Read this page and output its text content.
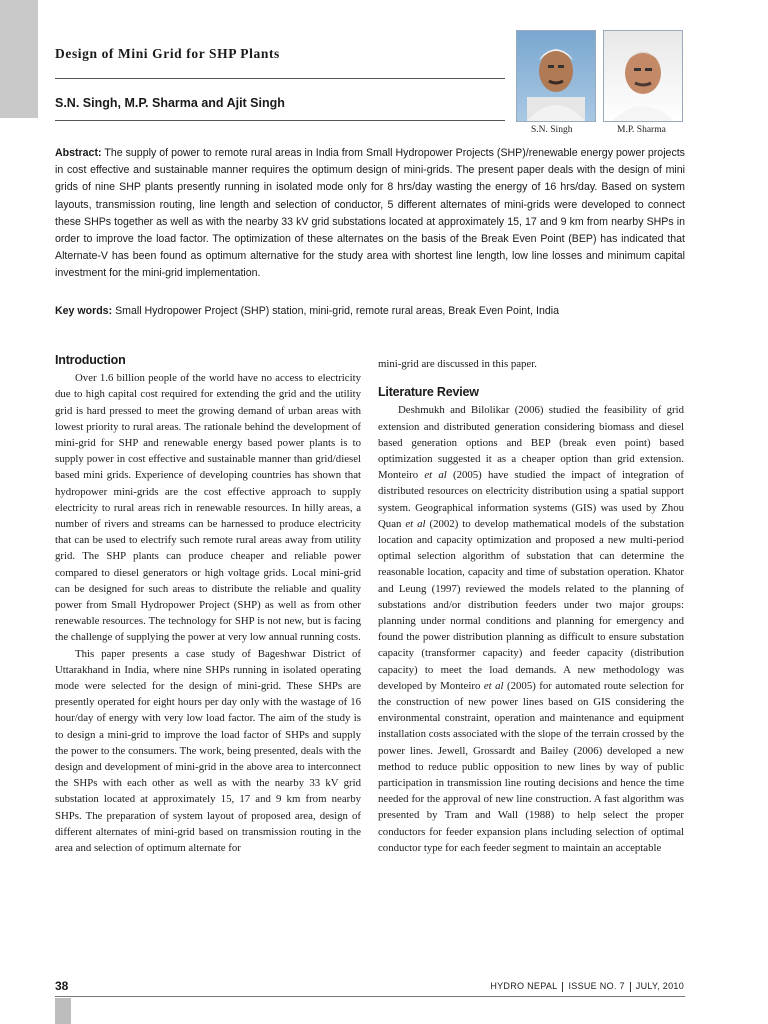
Design of Mini Grid for SHP Plants
S.N. Singh, M.P. Sharma and Ajit Singh
S.N. Singh	M.P. Sharma
Abstract: The supply of power to remote rural areas in India from Small Hydropower Projects (SHP)/renewable energy power projects in cost effective and sustainable manner requires the optimum design of mini-grids. The present paper deals with the design of mini grids of nine SHP plants presently running in isolated mode only for 8 hrs/day wasting the energy of 16 hrs/day. Based on system layouts, transmission routing, line length and selection of conductor, 5 different alternates of mini-grids were developed to connect these SHPs together as well as with the nearby 33 kV grid substations located at approximately 15, 17 and 9 km from nearby SHPs in order to improve the load factor. The optimization of these alternates on the basis of the Break Even Point (BEP) has indicated that Alternate-V has been found as optimum alternative for the study area with shortest line length, low line losses and minimum capital investment for the mini-grid implementation.
Key words: Small Hydropower Project (SHP) station, mini-grid, remote rural areas, Break Even Point, India
Introduction

Over 1.6 billion people of the world have no access to electricity due to high capital cost required for extending the grid and the utility grid is hard pressed to meet the growing demand of urban areas with lowest priority to rural areas. The rationale behind the development of mini-grid for SHP and renewable energy based power plants is to supply power in cost effective and sustainable manner than grid/diesel based mini grids. Experience of developing countries has shown that hydropower mini-grids are the cost effective approach to supply electricity to rural areas rich in renewable resources. In hilly areas, a number of rivers and streams can be harnessed to produce electricity that can be used to electrify such remote rural areas away from utility grid. The SHP plants can produce cheaper and reliable power compared to diesel generators or high voltage grids. Local mini-grid can be designed for such areas to distribute the reliable and quality power from Small Hydropower Project (SHP) as well as from other renewable resources. The technology for SHP is not new, but is facing the challenge of supplying the power at very low annual running costs.

This paper presents a case study of Bageshwar District of Uttarakhand in India, where nine SHPs running in isolated operating mode were selected for the design of mini-grid. These SHPs are presently operated for eight hours per day only with the wastage of 16 hour/day of energy with very low load factor. The aim of the study is to design a mini-grid to improve the load factor of SHPs and supply the power to the consumers. The work, being presented, deals with the design and development of mini-grid in the above area to interconnect the SHPs with each other as well as with the nearby 33 kV grid substation located at approximately 15, 17 and 9 km from nearby SHPs. The preparation of system layout of proposed area, design of different alternates of mini-grid based on transmission routing in the area and selection of optimum alternate for

mini-grid are discussed in this paper.

Literature Review

Deshmukh and Bilolikar (2006) studied the feasibility of grid extension and distributed generation considering biomass and diesel based generation options and BEP (break even point) based optimization suggested it as a cheaper option than grid extension. Monteiro et al (2005) have studied the impact of integration of distributed resources on electricity distribution using a spatial support system. Geographical information systems (GIS) was used by Zhou Quan et al (2002) to develop mathematical models of the substation location and capacity optimization and proposed a new multi-period optimal selection algorithm of substation that can determine the reasonable location, capacity and time of substation operation. Khator and Leung (1997) reviewed the models related to the planning of substations and/or distribution feeders under two major groups: planning under normal conditions and planning for emergency and found the power distribution planning as difficult to ensure substation capacity (transformer capacity) and feeder capacity (distribution capacity) to meet the load demands. A new methodology was developed by Monteiro et al (2005) for automated route selection for the construction of new power lines based on GIS considering the environmental constraint, operation and maintenance and equipment installation costs associated with the slope of the terrain crossed by the power lines. Jewell, Grossardt and Bailey (2006) developed a new method to reduce public opposition to new lines by way of public participation in transmission line routing decisions and hence the time needed for the approval of new line construction. A fast algorithm was presented by Tram and Wall (1988) to help select the proper conductors for feeder expansion plans including selection of optimal conductor type for each feeder segment to maintain an acceptable

38	HYDRO NEPAL ISSUE NO. 7 JULY, 2010
